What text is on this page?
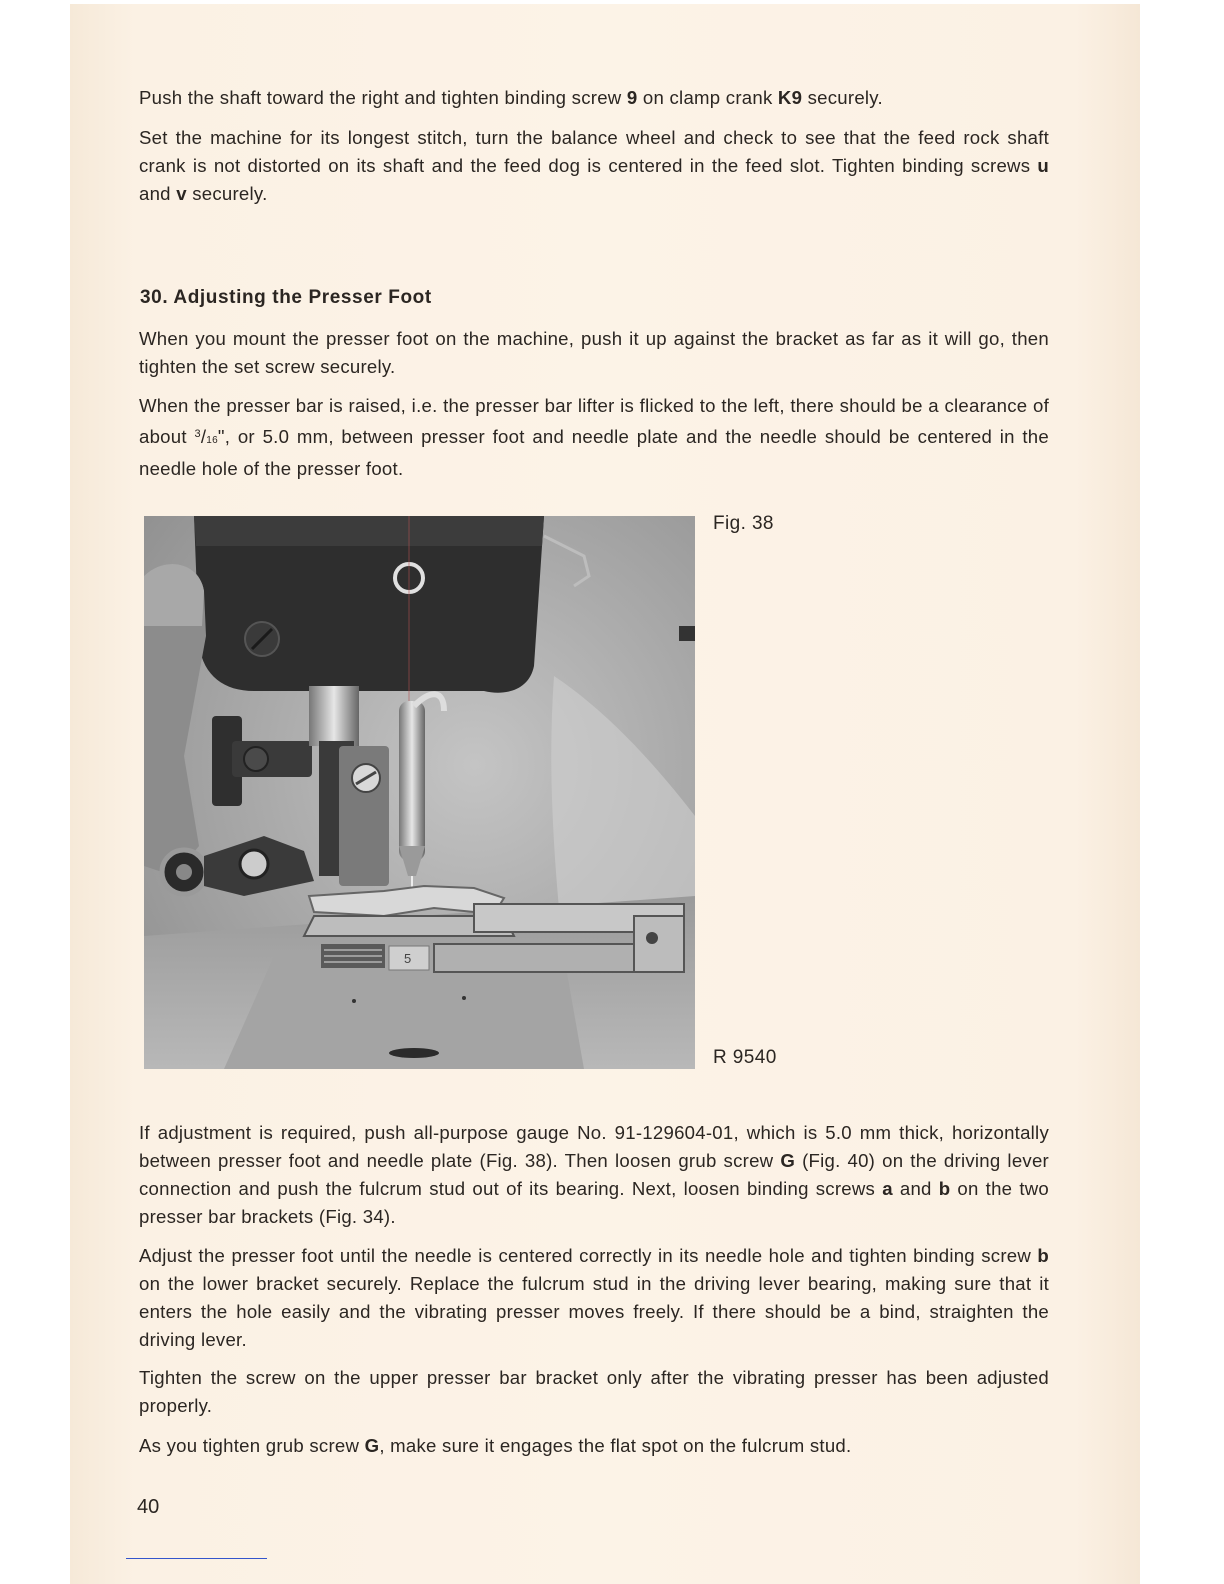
Push the shaft toward the right and tighten binding screw 9 on clamp crank K9 securely.

Set the machine for its longest stitch, turn the balance wheel and check to see that the feed rock shaft crank is not distorted on its shaft and the feed dog is centered in the feed slot. Tighten binding screws u and v securely.

30. Adjusting the Presser Foot

When you mount the presser foot on the machine, push it up against the bracket as far as it will go, then tighten the set screw securely.

When the presser bar is raised, i.e. the presser bar lifter is flicked to the left, there should be a clearance of about $^3$/16", or 5.0 mm, between presser foot and needle plate and the needle should be centered in the needle hole of the presser foot.

5
Fig. 38
R 9540

If adjustment is required, push all-purpose gauge No. 91-129604-01, which is 5.0 mm thick, horizontally between presser foot and needle plate (Fig. 38). Then loosen grub screw G (Fig. 40) on the driving lever connection and push the fulcrum stud out of its bearing. Next, loosen binding screws a and b on the two presser bar brackets (Fig. 34).

Adjust the presser foot until the needle is centered correctly in its needle hole and tighten binding screw b on the lower bracket securely. Replace the fulcrum stud in the driving lever bearing, making sure that it enters the hole easily and the vibrating presser moves freely. If there should be a bind, straighten the driving lever.

Tighten the screw on the upper presser bar bracket only after the vibrating presser has been adjusted properly.

As you tighten grub screw G, make sure it engages the flat spot on the fulcrum stud.

40
